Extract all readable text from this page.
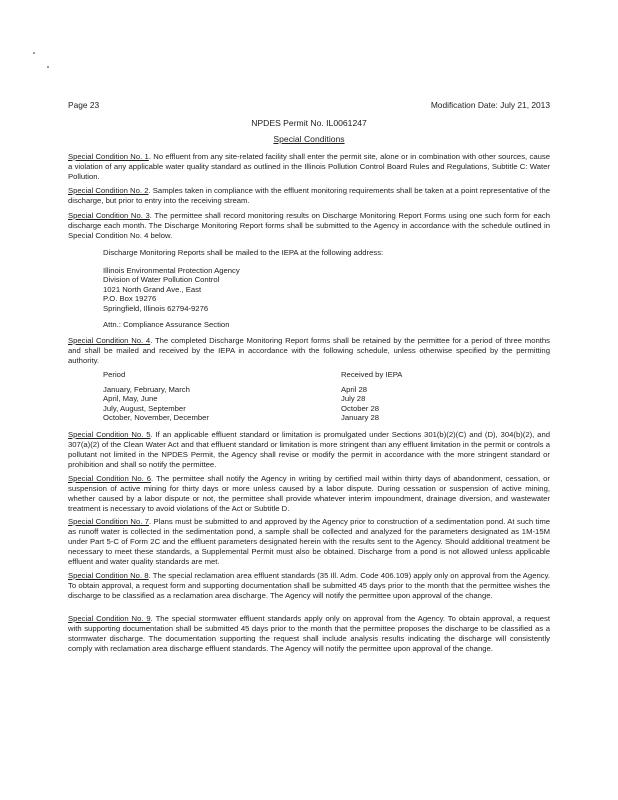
Page 23	Modification Date: July 21, 2013
NPDES Permit No. IL0061247
Special Conditions
Special Condition No. 1. No effluent from any site-related facility shall enter the permit site, alone or in combination with other sources, cause a violation of any applicable water quality standard as outlined in the Illinois Pollution Control Board Rules and Regulations, Subtitle C: Water Pollution.
Special Condition No. 2. Samples taken in compliance with the effluent monitoring requirements shall be taken at a point representative of the discharge, but prior to entry into the receiving stream.
Special Condition No. 3. The permittee shall record monitoring results on Discharge Monitoring Report Forms using one such form for each discharge each month. The Discharge Monitoring Report forms shall be submitted to the Agency in accordance with the schedule outlined in Special Condition No. 4 below.
Discharge Monitoring Reports shall be mailed to the IEPA at the following address:
Illinois Environmental Protection Agency
Division of Water Pollution Control
1021 North Grand Ave., East
P.O. Box 19276
Springfield, Illinois 62794-9276
Attn.: Compliance Assurance Section
Special Condition No. 4. The completed Discharge Monitoring Report forms shall be retained by the permittee for a period of three months and shall be mailed and received by the IEPA in accordance with the following schedule, unless otherwise specified by the permitting authority.
Period	Received by IEPA
January, February, March
April, May, June
July, August, September
October, November, December
April 28
July 28
October 28
January 28
Special Condition No. 5. If an applicable effluent standard or limitation is promulgated under Sections 301(b)(2)(C) and (D), 304(b)(2), and 307(a)(2) of the Clean Water Act and that effluent standard or limitation is more stringent than any effluent limitation in the permit or controls a pollutant not limited in the NPDES Permit, the Agency shall revise or modify the permit in accordance with the more stringent standard or prohibition and shall so notify the permittee.
Special Condition No. 6. The permittee shall notify the Agency in writing by certified mail within thirty days of abandonment, cessation, or suspension of active mining for thirty days or more unless caused by a labor dispute. During cessation or suspension of active mining, whether caused by a labor dispute or not, the permittee shall provide whatever interim impoundment, drainage diversion, and wastewater treatment is necessary to avoid violations of the Act or Subtitle D.
Special Condition No. 7. Plans must be submitted to and approved by the Agency prior to construction of a sedimentation pond. At such time as runoff water is collected in the sedimentation pond, a sample shall be collected and analyzed for the parameters designated as 1M-15M under Part 5-C of Form 2C and the effluent parameters designated herein with the results sent to the Agency. Should additional treatment be necessary to meet these standards, a Supplemental Permit must also be obtained. Discharge from a pond is not allowed unless applicable effluent and water quality standards are met.
Special Condition No. 8. The special reclamation area effluent standards (35 Ill. Adm. Code 406.109) apply only on approval from the Agency. To obtain approval, a request form and supporting documentation shall be submitted 45 days prior to the month that the permittee wishes the discharge to be classified as a reclamation area discharge. The Agency will notify the permittee upon approval of the change.
Special Condition No. 9. The special stormwater effluent standards apply only on approval from the Agency. To obtain approval, a request with supporting documentation shall be submitted 45 days prior to the month that the permittee proposes the discharge to be classified as a stormwater discharge. The documentation supporting the request shall include analysis results indicating the discharge will consistently comply with reclamation area discharge effluent standards. The Agency will notify the permittee upon approval of the change.
